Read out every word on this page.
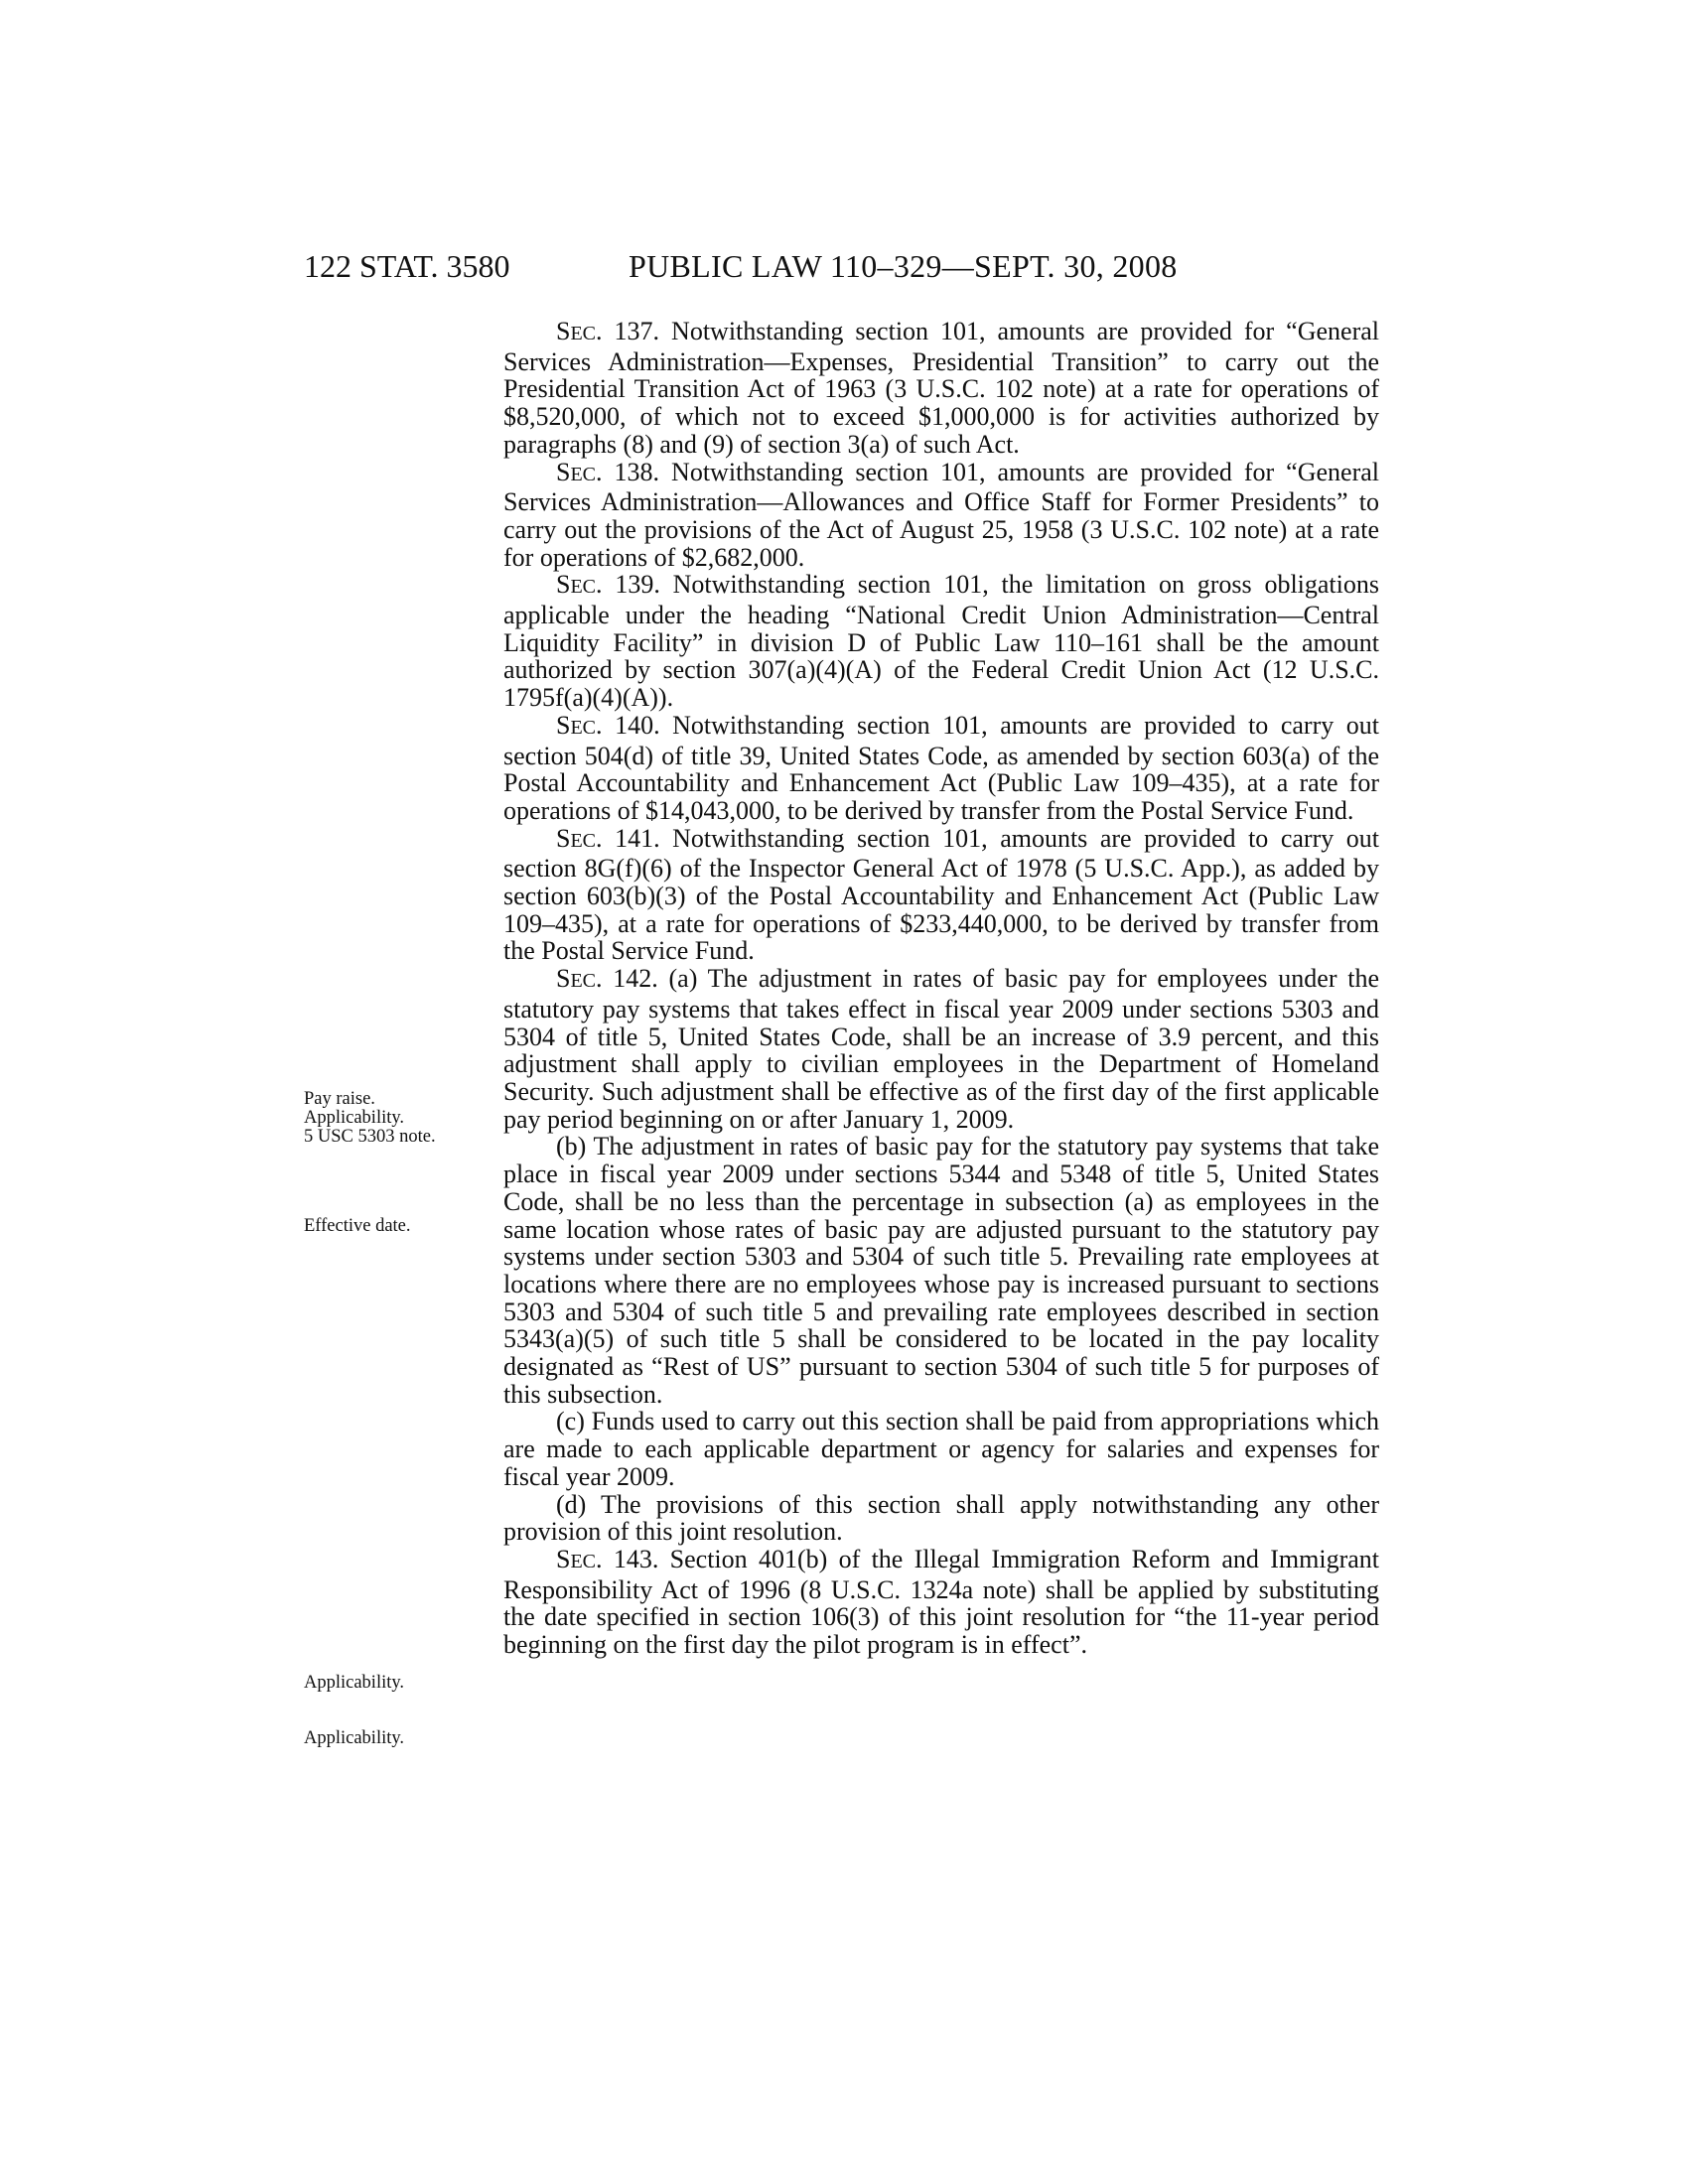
122 STAT. 3580	PUBLIC LAW 110–329—SEPT. 30, 2008
Pay raise.
Applicability.
5 USC 5303 note.
Effective date.
Applicability.
Applicability.

SEC. 137. Notwithstanding section 101, amounts are provided for “General Services Administration—Expenses, Presidential Transition” to carry out the Presidential Transition Act of 1963 (3 U.S.C. 102 note) at a rate for operations of $8,520,000, of which not to exceed $1,000,000 is for activities authorized by paragraphs (8) and (9) of section 3(a) of such Act.

SEC. 138. Notwithstanding section 101, amounts are provided for “General Services Administration—Allowances and Office Staff for Former Presidents” to carry out the provisions of the Act of August 25, 1958 (3 U.S.C. 102 note) at a rate for operations of $2,682,000.

SEC. 139. Notwithstanding section 101, the limitation on gross obligations applicable under the heading “National Credit Union Administration—Central Liquidity Facility” in division D of Public Law 110–161 shall be the amount authorized by section 307(a)(4)(A) of the Federal Credit Union Act (12 U.S.C. 1795f(a)(4)(A)).

SEC. 140. Notwithstanding section 101, amounts are provided to carry out section 504(d) of title 39, United States Code, as amended by section 603(a) of the Postal Accountability and Enhancement Act (Public Law 109–435), at a rate for operations of $14,043,000, to be derived by transfer from the Postal Service Fund.

SEC. 141. Notwithstanding section 101, amounts are provided to carry out section 8G(f)(6) of the Inspector General Act of 1978 (5 U.S.C. App.), as added by section 603(b)(3) of the Postal Accountability and Enhancement Act (Public Law 109–435), at a rate for operations of $233,440,000, to be derived by transfer from the Postal Service Fund.

SEC. 142. (a) The adjustment in rates of basic pay for employees under the statutory pay systems that takes effect in fiscal year 2009 under sections 5303 and 5304 of title 5, United States Code, shall be an increase of 3.9 percent, and this adjustment shall apply to civilian employees in the Department of Homeland Security. Such adjustment shall be effective as of the first day of the first applicable pay period beginning on or after January 1, 2009.

(b) The adjustment in rates of basic pay for the statutory pay systems that take place in fiscal year 2009 under sections 5344 and 5348 of title 5, United States Code, shall be no less than the percentage in subsection (a) as employees in the same location whose rates of basic pay are adjusted pursuant to the statutory pay systems under section 5303 and 5304 of such title 5. Prevailing rate employees at locations where there are no employees whose pay is increased pursuant to sections 5303 and 5304 of such title 5 and prevailing rate employees described in section 5343(a)(5) of such title 5 shall be considered to be located in the pay locality designated as “Rest of US” pursuant to section 5304 of such title 5 for purposes of this subsection.

(c) Funds used to carry out this section shall be paid from appropriations which are made to each applicable department or agency for salaries and expenses for fiscal year 2009.

(d) The provisions of this section shall apply notwithstanding any other provision of this joint resolution.

SEC. 143. Section 401(b) of the Illegal Immigration Reform and Immigrant Responsibility Act of 1996 (8 U.S.C. 1324a note) shall be applied by substituting the date specified in section 106(3) of this joint resolution for “the 11-year period beginning on the first day the pilot program is in effect”.
